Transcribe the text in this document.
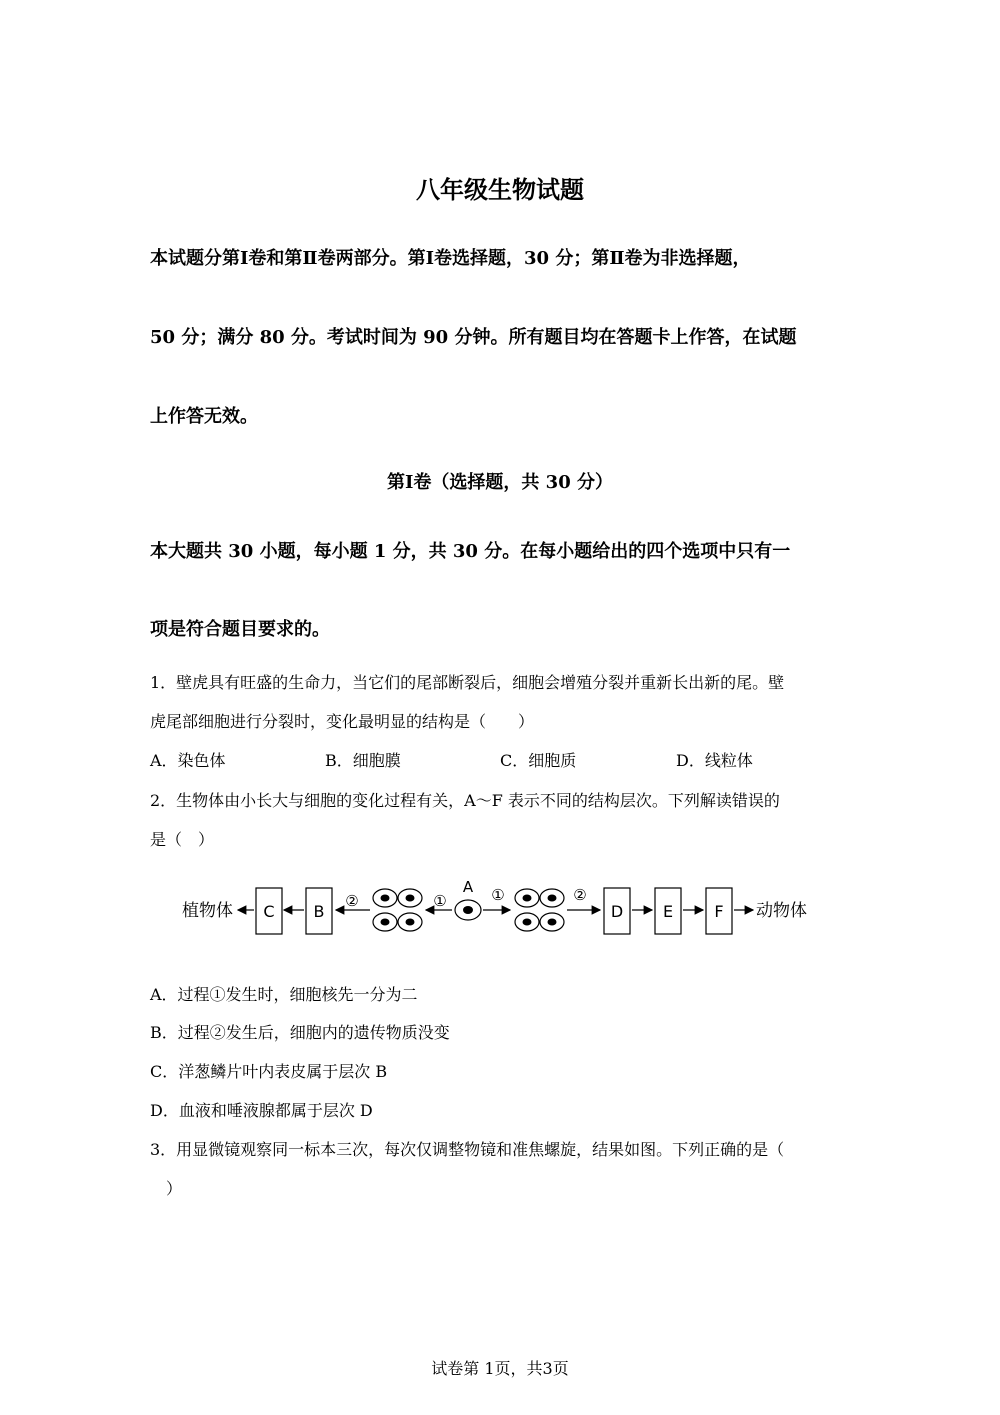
八年级生物试题
本试题分第Ⅰ卷和第Ⅱ卷两部分。第Ⅰ卷选择题，30 分；第Ⅱ卷为非选择题，
50 分；满分 80 分。考试时间为 90 分钟。所有题目均在答题卡上作答，在试题
上作答无效。
第Ⅰ卷（选择题，共 30 分）
本大题共 30 小题，每小题 1 分，共 30 分。在每小题给出的四个选项中只有一
项是符合题目要求的。
1．壁虎具有旺盛的生命力，当它们的尾部断裂后，细胞会增殖分裂并重新长出新的尾。壁
虎尾部细胞进行分裂时，变化最明显的结构是（　　）
A．染色体	B．细胞膜	C．细胞质	D．线粒体
2．生物体由小长大与细胞的变化过程有关，A～F 表示不同的结构层次。下列解读错误的
是（　）
植物体 C B
②	①
A ①	②
D E	F 动物体
A．过程①发生时，细胞核先一分为二
B．过程②发生后，细胞内的遗传物质没变
C．洋葱鳞片叶内表皮属于层次 B
D．血液和唾液腺都属于层次 D
3．用显微镜观察同一标本三次，每次仅调整物镜和准焦螺旋，结果如图。下列正确的是（
　）
试卷第 1页，共3页
